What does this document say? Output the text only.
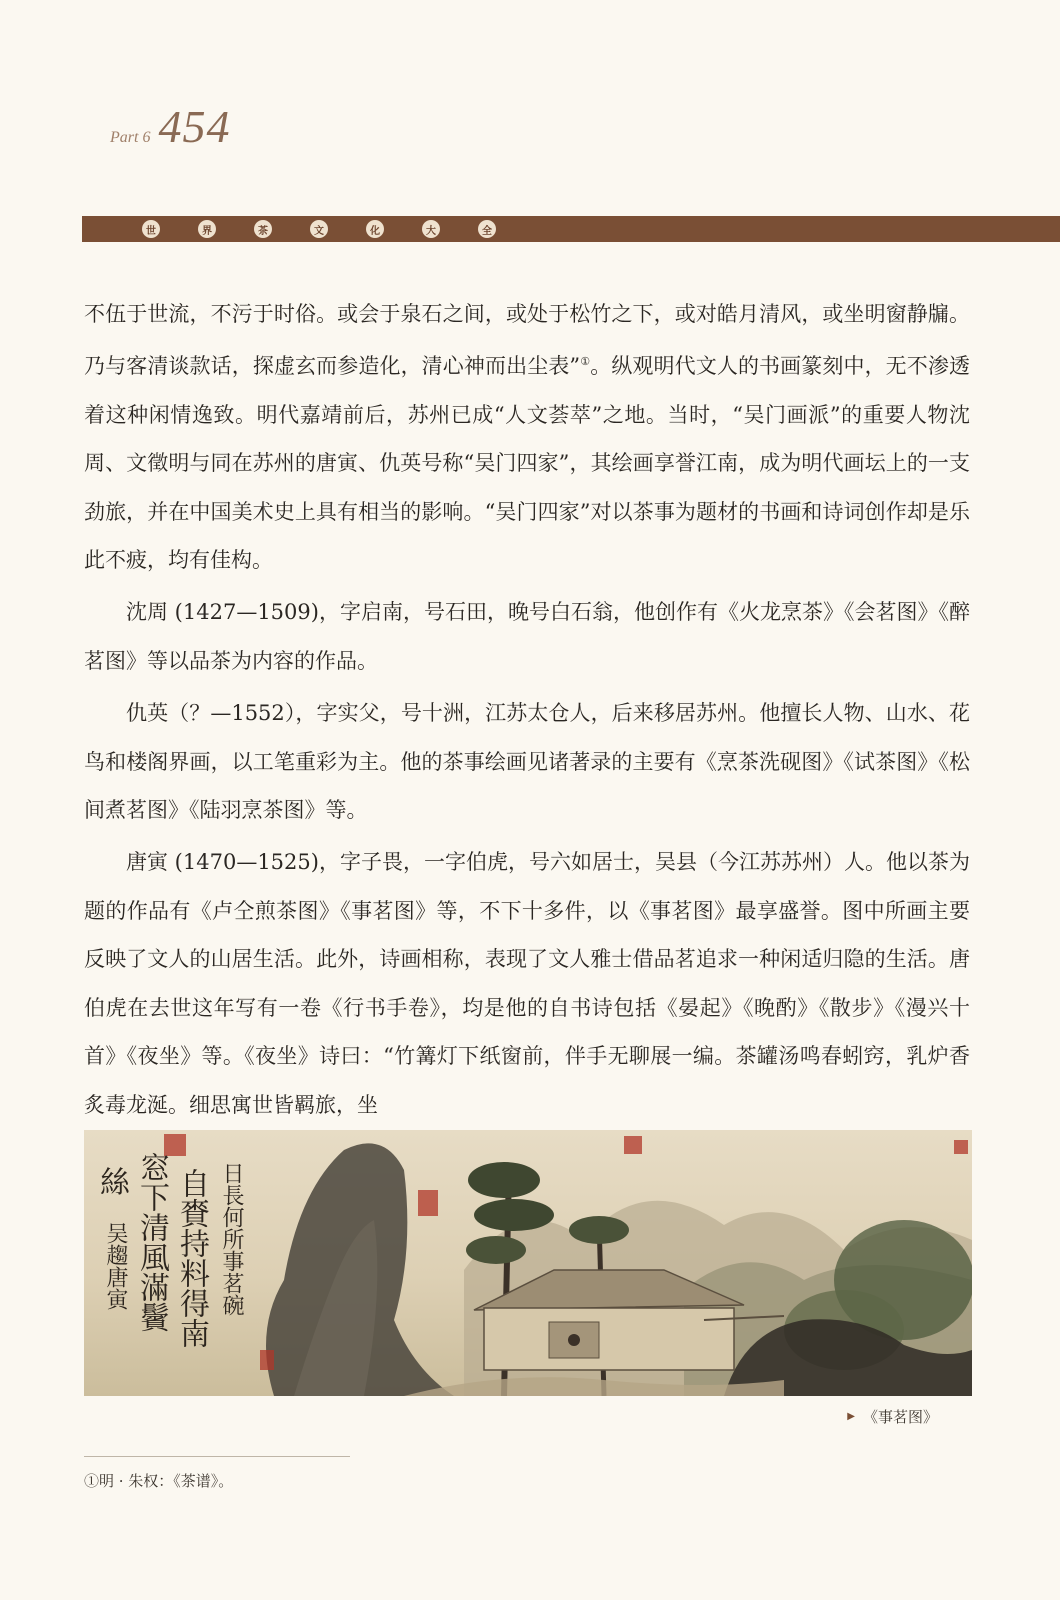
Part 6 454
世	界	茶	文	化	大	全

不伍于世流，不污于时俗。或会于泉石之间，或处于松竹之下，或对皓月清风，或坐明窗静牖。乃与客清谈款话，探虚玄而参造化，清心神而出尘表”①。纵观明代文人的书画篆刻中，无不渗透着这种闲情逸致。明代嘉靖前后，苏州已成“人文荟萃”之地。当时，“吴门画派”的重要人物沈周、文徵明与同在苏州的唐寅、仇英号称“吴门四家”，其绘画享誉江南，成为明代画坛上的一支劲旅，并在中国美术史上具有相当的影响。“吴门四家”对以茶事为题材的书画和诗词创作却是乐此不疲，均有佳构。

沈周 (1427—1509)，字启南，号石田，晚号白石翁，他创作有《火龙烹茶》《会茗图》《醉茗图》等以品茶为内容的作品。

仇英（？—1552），字实父，号十洲，江苏太仓人，后来移居苏州。他擅长人物、山水、花鸟和楼阁界画，以工笔重彩为主。他的茶事绘画见诸著录的主要有《烹茶洗砚图》《试茶图》《松间煮茗图》《陆羽烹茶图》等。

唐寅 (1470—1525)，字子畏，一字伯虎，号六如居士，吴县（今江苏苏州）人。他以茶为题的作品有《卢仝煎茶图》《事茗图》等，不下十多件，以《事茗图》最享盛誉。图中所画主要反映了文人的山居生活。此外，诗画相称，表现了文人雅士借品茗追求一种闲适归隐的生活。唐伯虎在去世这年写有一卷《行书手卷》，均是他的自书诗包括《晏起》《晚酌》《散步》《漫兴十首》《夜坐》等。《夜坐》诗曰：“竹篝灯下纸窗前，伴手无聊展一编。茶罐汤鸣春蚓窍，乳炉香炙毒龙涎。细思寓世皆羁旅，坐

日長何所事茗碗
自賚持料得南
窓下清風滿鬢
絲
吴趨唐寅
▶ 《事茗图》
①明 · 朱权：《茶谱》。
